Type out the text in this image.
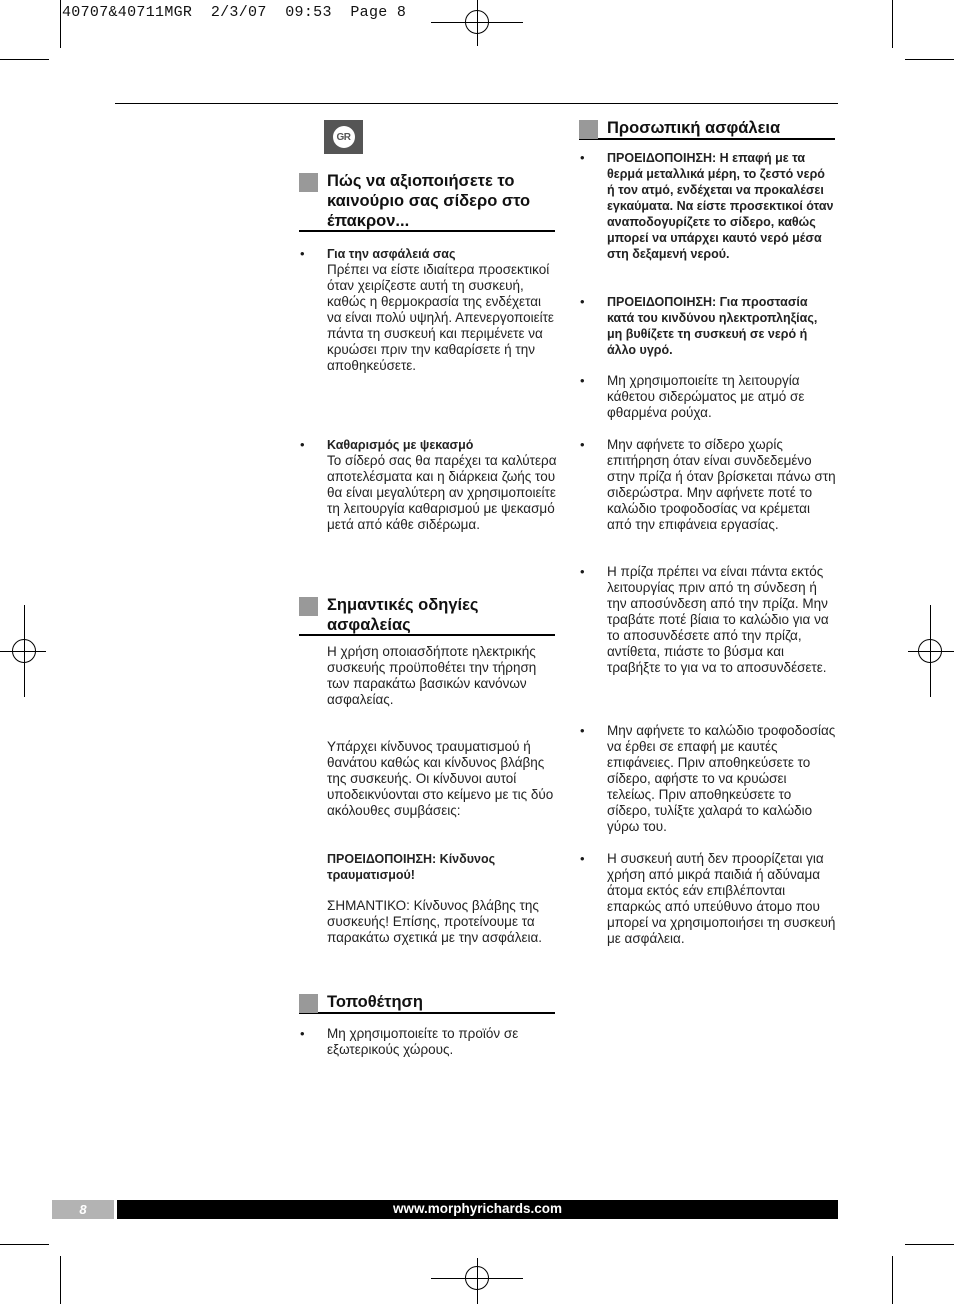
40707&40711MGR  2/3/07  09:53  Page 8
GR
Πώς να αξιοποιήσετε το καινούριο σας σίδερο στο έπακρον...
• Για την ασφάλειά σας
Πρέπει να είστε ιδιαίτερα προσεκτικοί όταν χειρίζεστε αυτή τη συσκευή, καθώς η θερμοκρασία της ενδέχεται να είναι πολύ υψηλή. Απενεργοποιείτε πάντα τη συσκευή και περιμένετε να κρυώσει πριν την καθαρίσετε ή την αποθηκεύσετε.
• Καθαρισμός με ψεκασμό
Το σίδερό σας θα παρέχει τα καλύτερα αποτελέσματα και η διάρκεια ζωής του θα είναι μεγαλύτερη αν χρησιμοποιείτε τη λειτουργία καθαρισμού με ψεκασμό μετά από κάθε σιδέρωμα.
Σημαντικές οδηγίες ασφαλείας
Η χρήση οποιασδήποτε ηλεκτρικής συσκευής προϋποθέτει την τήρηση των παρακάτω βασικών κανόνων ασφαλείας.
Υπάρχει κίνδυνος τραυματισμού ή θανάτου καθώς και κίνδυνος βλάβης της συσκευής. Οι κίνδυνοι αυτοί υποδεικνύονται στο κείμενο με τις δύο ακόλουθες συμβάσεις:
ΠΡΟΕΙΔΟΠΟΙΗΣΗ: Κίνδυνος τραυματισμού!
ΣΗΜΑΝΤΙΚΟ: Κίνδυνος βλάβης της συσκευής! Επίσης, προτείνουμε τα παρακάτω σχετικά με την ασφάλεια.
Τοποθέτηση
• Μη χρησιμοποιείτε το προϊόν σε εξωτερικούς χώρους.
Προσωπική ασφάλεια
• ΠΡΟΕΙΔΟΠΟΙΗΣΗ: Η επαφή με τα θερμά μεταλλικά μέρη, το ζεστό νερό ή τον ατμό, ενδέχεται να προκαλέσει εγκαύματα. Να είστε προσεκτικοί όταν αναποδογυρίζετε το σίδερο, καθώς μπορεί να υπάρχει καυτό νερό μέσα στη δεξαμενή νερού.
• ΠΡΟΕΙΔΟΠΟΙΗΣΗ: Για προστασία κατά του κινδύνου ηλεκτροπληξίας, μη βυθίζετε τη συσκευή σε νερό ή άλλο υγρό.
• Μη χρησιμοποιείτε τη λειτουργία κάθετου σιδερώματος με ατμό σε φθαρμένα ρούχα.
• Μην αφήνετε το σίδερο χωρίς επιτήρηση όταν είναι συνδεδεμένο στην πρίζα ή όταν βρίσκεται πάνω στη σιδερώστρα. Μην αφήνετε ποτέ το καλώδιο τροφοδοσίας να κρέμεται από την επιφάνεια εργασίας.
• Η πρίζα πρέπει να είναι πάντα εκτός λειτουργίας πριν από τη σύνδεση ή την αποσύνδεση από την πρίζα. Μην τραβάτε ποτέ βίαια το καλώδιο για να το αποσυνδέσετε από την πρίζα, αντίθετα, πιάστε το βύσμα και τραβήξτε το για να το αποσυνδέσετε.
• Μην αφήνετε το καλώδιο τροφοδοσίας να έρθει σε επαφή με καυτές επιφάνειες. Πριν αποθηκεύσετε το σίδερο, αφήστε το να κρυώσει τελείως. Πριν αποθηκεύσετε το σίδερο, τυλίξτε χαλαρά το καλώδιο γύρω του.
• Η συσκευή αυτή δεν προορίζεται για χρήση από μικρά παιδιά ή αδύναμα άτομα εκτός εάν επιβλέπονται επαρκώς από υπεύθυνο άτομο που μπορεί να χρησιμοποιήσει τη συσκευή με ασφάλεια.
8	www.morphyrichards.com
